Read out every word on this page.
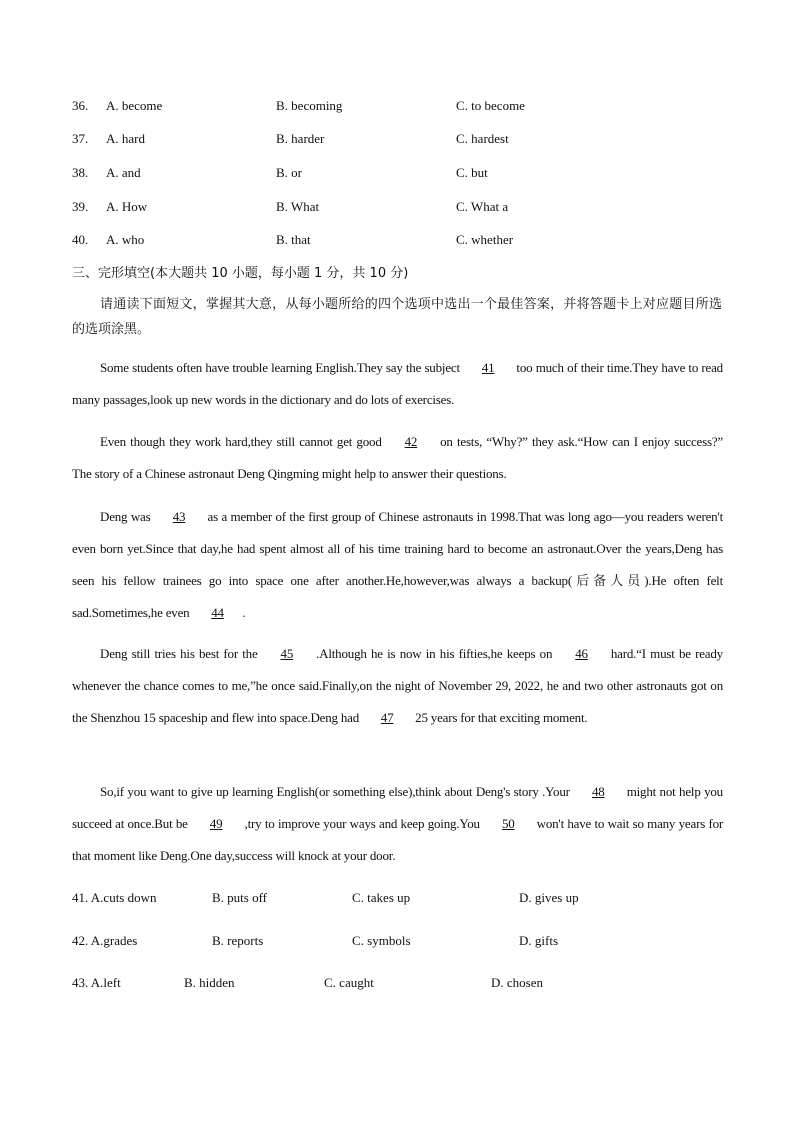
36. A. become	B. becoming	C. to become
37. A. hard	B. harder	C. hardest
38. A. and	B. or	C. but
39. A. How	B. What	C. What a
40. A. who	B. that	C. whether
三、完形填空(本大题共 10 小题，每小题 1 分，共 10 分)
请通读下面短文，掌握其大意，从每小题所给的四个选项中选出一个最佳答案，并将答题卡上对应题目所选的选项涂黑。
Some students often have trouble learning English.They say the subject 41 too much of their time.They have to read many passages,look up new words in the dictionary and do lots of exercises.
Even though they work hard,they still cannot get good 42 on tests, “Why?” they ask.“How can I enjoy success?” The story of a Chinese astronaut Deng Qingming might help to answer their questions.
Deng was 43 as a member of the first group of Chinese astronauts in 1998.That was long ago—you readers weren't even born yet.Since that day,he had spent almost all of his time training hard to become an astronaut.Over the years,Deng has seen his fellow trainees go into space one after another.He,however,was always a backup(后备人员).He often felt sad.Sometimes,he even 44 .
Deng still tries his best for the 45 .Although he is now in his fifties,he keeps on 46 hard.“I must be ready whenever the chance comes to me,”he once said.Finally,on the night of November 29, 2022, he and two other astronauts got on the Shenzhou 15 spaceship and flew into space.Deng had 47 25 years for that exciting moment.
So,if you want to give up learning English(or something else),think about Deng's story .Your 48 might not help you succeed at once.But be 49 ,try to improve your ways and keep going.You 50 won't have to wait so many years for that moment like Deng.One day,success will knock at your door.
41. A.cuts down	B. puts off	C. takes up	D. gives up
42. A.grades	B. reports	C. symbols	D. gifts
43. A.left	B. hidden	C. caught	D. chosen
